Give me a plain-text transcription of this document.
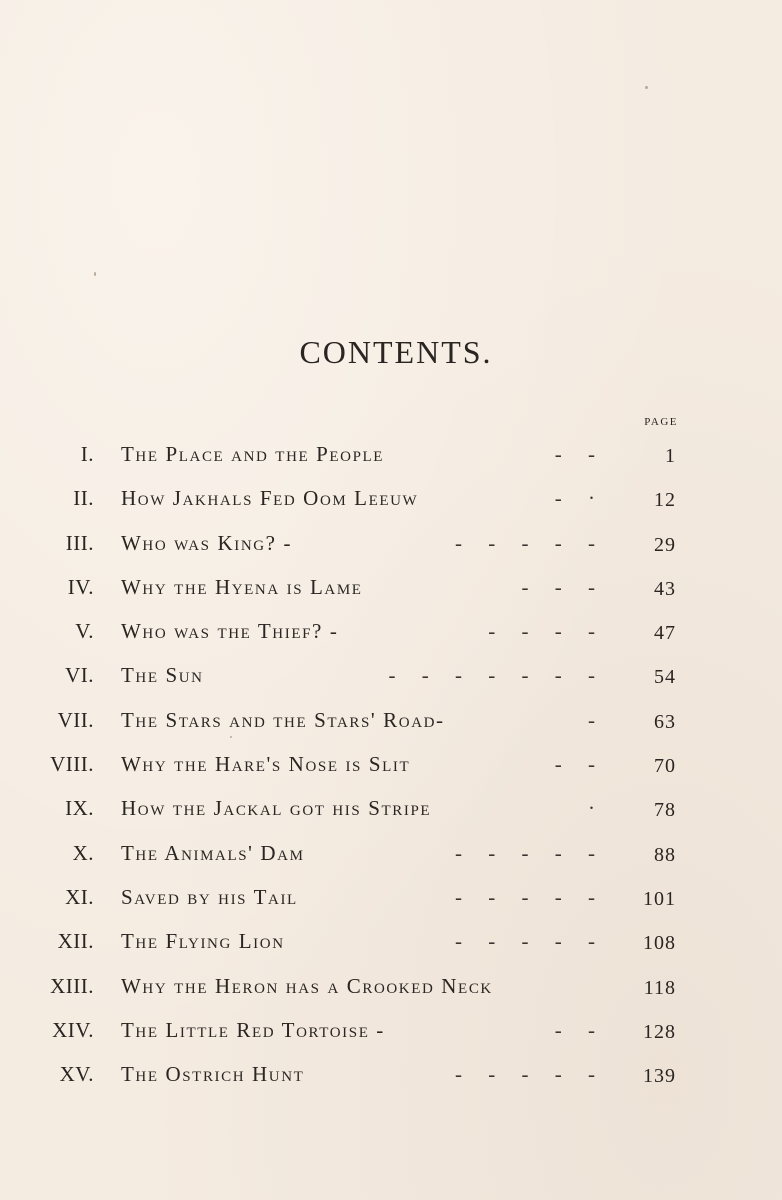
CONTENTS.
PAGE
I. The Place and the People	-     -	1
II. How Jakhals Fed Oom Leeuw	-     ·	12
III. Who was King? -	-     -     -     -     -	29
IV. Why the Hyena is Lame	-     -     -	43
V. Who was the Thief? -	-     -     -     -	47
VI. The Sun	-     -     -     -     -     -     -	54
VII. The Stars and the Stars' Road-	-	63
VIII. Why the Hare's Nose is Slit	-     -	70
IX. How the Jackal got his Stripe	·	78
X. The Animals' Dam	-     -     -     -     -	88
XI. Saved by his Tail	-     -     -     -     - 101
XII. The Flying Lion	-     -     -     -     - 108
XIII. Why the Heron has a Crooked Neck	118
XIV. The Little Red Tortoise -	-     - 128
XV. The Ostrich Hunt	-     -     -     -     - 139
